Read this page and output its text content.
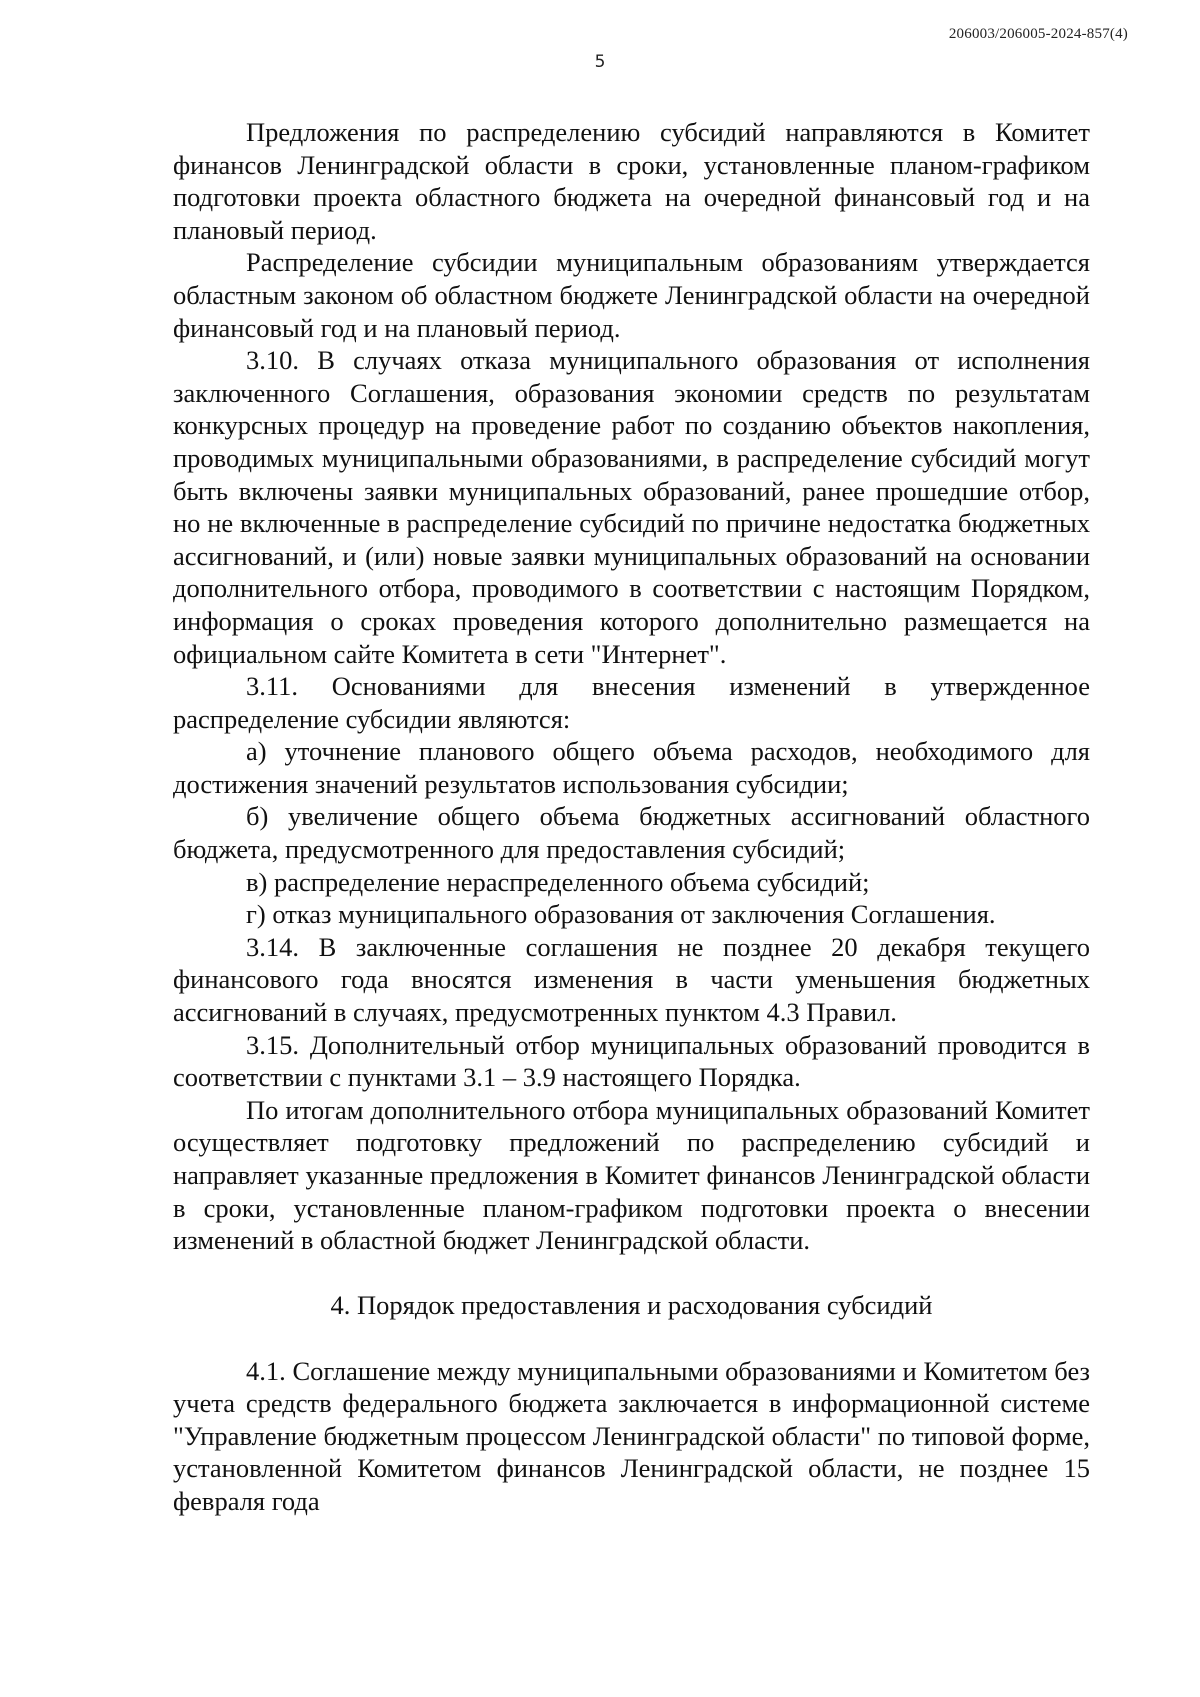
206003/206005-2024-857(4)
5

Предложения по распределению субсидий направляются в Комитет финансов Ленинградской области в сроки, установленные планом-графиком подготовки проекта областного бюджета на очередной финансовый год и на плановый период.

Распределение субсидии муниципальным образованиям утверждается областным законом об областном бюджете Ленинградской области на очередной финансовый год и на плановый период.

3.10. В случаях отказа муниципального образования от исполнения заключенного Соглашения, образования экономии средств по результатам конкурсных процедур на проведение работ по созданию объектов накопления, проводимых муниципальными образованиями, в распределение субсидий могут быть включены заявки муниципальных образований, ранее прошедшие отбор, но не включенные в распределение субсидий по причине недостатка бюджетных ассигнований, и (или) новые заявки муниципальных образований на основании дополнительного отбора, проводимого в соответствии с настоящим Порядком, информация о сроках проведения которого дополнительно размещается на официальном сайте Комитета в сети "Интернет".

3.11. Основаниями для внесения изменений в утвержденное распределение субсидии являются:

а) уточнение планового общего объема расходов, необходимого для достижения значений результатов использования субсидии;

б) увеличение общего объема бюджетных ассигнований областного бюджета, предусмотренного для предоставления субсидий;

в) распределение нераспределенного объема субсидий;

г) отказ муниципального образования от заключения Соглашения.

3.14. В заключенные соглашения не позднее 20 декабря текущего финансового года вносятся изменения в части уменьшения бюджетных ассигнований в случаях, предусмотренных пунктом 4.3 Правил.

3.15. Дополнительный отбор муниципальных образований проводится в соответствии с пунктами 3.1 – 3.9 настоящего Порядка.

По итогам дополнительного отбора муниципальных образований Комитет осуществляет подготовку предложений по распределению субсидий и направляет указанные предложения в Комитет финансов Ленинградской области в сроки, установленные планом-графиком подготовки проекта о внесении изменений в областной бюджет Ленинградской области.

4. Порядок предоставления и расходования субсидий

4.1. Соглашение между муниципальными образованиями и Комитетом без учета средств федерального бюджета заключается в информационной системе "Управление бюджетным процессом Ленинградской области" по типовой форме, установленной Комитетом финансов Ленинградской области, не позднее 15 февраля года
